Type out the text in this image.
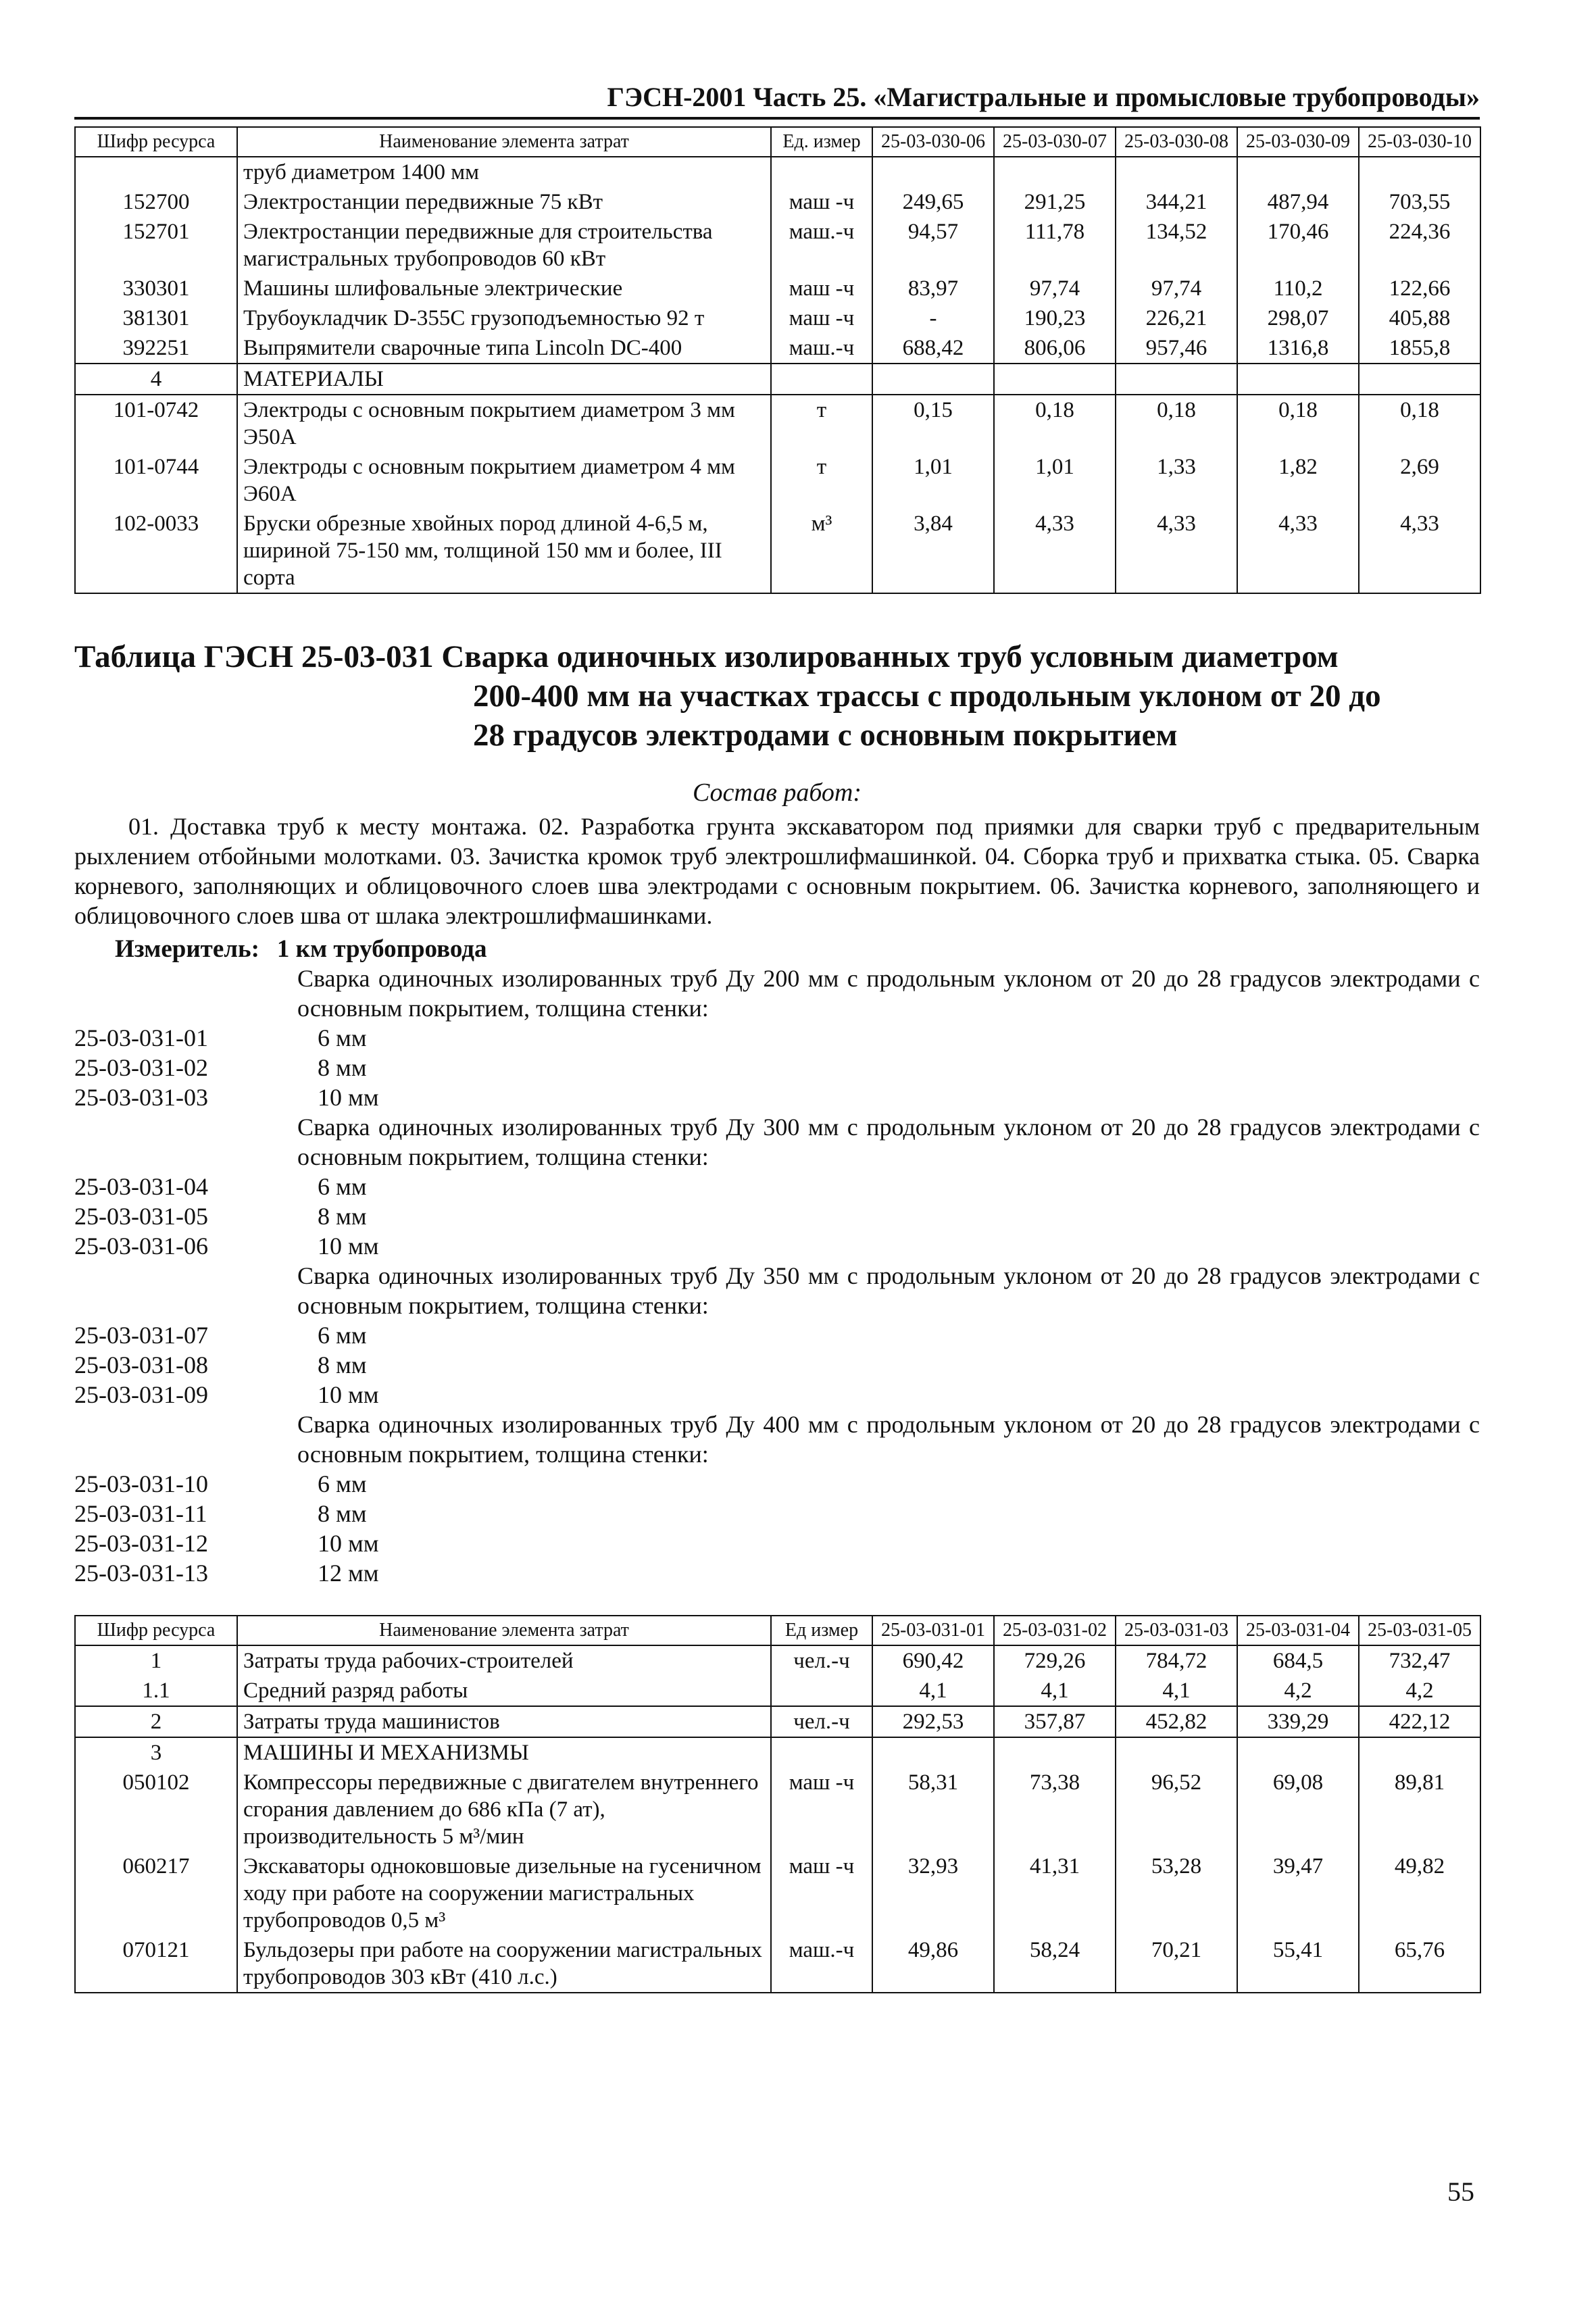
ГЭСН-2001 Часть 25. «Магистральные и промысловые трубопроводы»
Шифр ресурса	Наименование элемента затрат	Ед. измер	25-03-030-06	25-03-030-07	25-03-030-08	25-03-030-09	25-03-030-10
	труб диаметром 1400 мм						
152700	Электростанции передвижные 75 кВт	маш -ч	249,65	291,25	344,21	487,94	703,55
152701	Электростанции передвижные для строительства магистральных трубопроводов 60 кВт	маш.-ч	94,57	111,78	134,52	170,46	224,36
330301	Машины шлифовальные электрические	маш -ч	83,97	97,74	97,74	110,2	122,66
381301	Трубоукладчик D-355С грузоподъемностью 92 т	маш -ч	-	190,23	226,21	298,07	405,88
392251	Выпрямители сварочные типа Lincoln DC-400	маш.-ч	688,42	806,06	957,46	1316,8	1855,8
4	МАТЕРИАЛЫ						
101-0742	Электроды с основным покрытием диаметром 3 мм Э50А	т	0,15	0,18	0,18	0,18	0,18
101-0744	Электроды с основным покрытием диаметром 4 мм Э60А	т	1,01	1,01	1,33	1,82	2,69
102-0033	Бруски обрезные хвойных пород длиной 4-6,5 м, шириной 75-150 мм, толщиной 150 мм и более, III сорта	м³	3,84	4,33	4,33	4,33	4,33
Таблица ГЭСН 25-03-031 Сварка одиночных изолированных труб условным диаметром
200-400 мм на участках трассы с продольным уклоном от 20 до
28 градусов электродами с основным покрытием
Состав работ:
01. Доставка труб к месту монтажа. 02. Разработка грунта экскаватором под приямки для сварки труб с предварительным рыхлением отбойными молотками. 03. Зачистка кромок труб электрошлифмашинкой. 04. Сборка труб и прихватка стыка. 05. Сварка корневого, заполняющих и облицовочного слоев шва электродами с основным покрытием. 06. Зачистка корневого, заполняющего и облицовочного слоев шва от шлака электрошлифмашинками.
Измеритель: 1 км трубопровода
Сварка одиночных изолированных труб Ду 200 мм с продольным уклоном от 20 до 28 градусов электродами с основным покрытием, толщина стенки:
25-03-031-01	6 мм
25-03-031-02	8 мм
25-03-031-03	10 мм
Сварка одиночных изолированных труб Ду 300 мм с продольным уклоном от 20 до 28 градусов электродами с основным покрытием, толщина стенки:
25-03-031-04	6 мм
25-03-031-05	8 мм
25-03-031-06	10 мм
Сварка одиночных изолированных труб Ду 350 мм с продольным уклоном от 20 до 28 градусов электродами с основным покрытием, толщина стенки:
25-03-031-07	6 мм
25-03-031-08	8 мм
25-03-031-09	10 мм
Сварка одиночных изолированных труб Ду 400 мм с продольным уклоном от 20 до 28 градусов электродами с основным покрытием, толщина стенки:
25-03-031-10	6 мм
25-03-031-11	8 мм
25-03-031-12	10 мм
25-03-031-13	12 мм
Шифр ресурса	Наименование элемента затрат	Ед измер	25-03-031-01	25-03-031-02	25-03-031-03	25-03-031-04	25-03-031-05
1	Затраты труда рабочих-строителей	чел.-ч	690,42	729,26	784,72	684,5	732,47
1.1	Средний разряд работы		4,1	4,1	4,1	4,2	4,2
2	Затраты труда машинистов	чел.-ч	292,53	357,87	452,82	339,29	422,12
3	МАШИНЫ И МЕХАНИЗМЫ						
050102	Компрессоры передвижные с двигателем внутреннего сгорания давлением до 686 кПа (7 ат), производительность 5 м³/мин	маш -ч	58,31	73,38	96,52	69,08	89,81
060217	Экскаваторы одноковшовые дизельные на гусеничном ходу при работе на сооружении магистральных трубопроводов 0,5 м³	маш -ч	32,93	41,31	53,28	39,47	49,82
070121	Бульдозеры при работе на сооружении магистральных трубопроводов 303 кВт (410 л.с.)	маш.-ч	49,86	58,24	70,21	55,41	65,76
55
